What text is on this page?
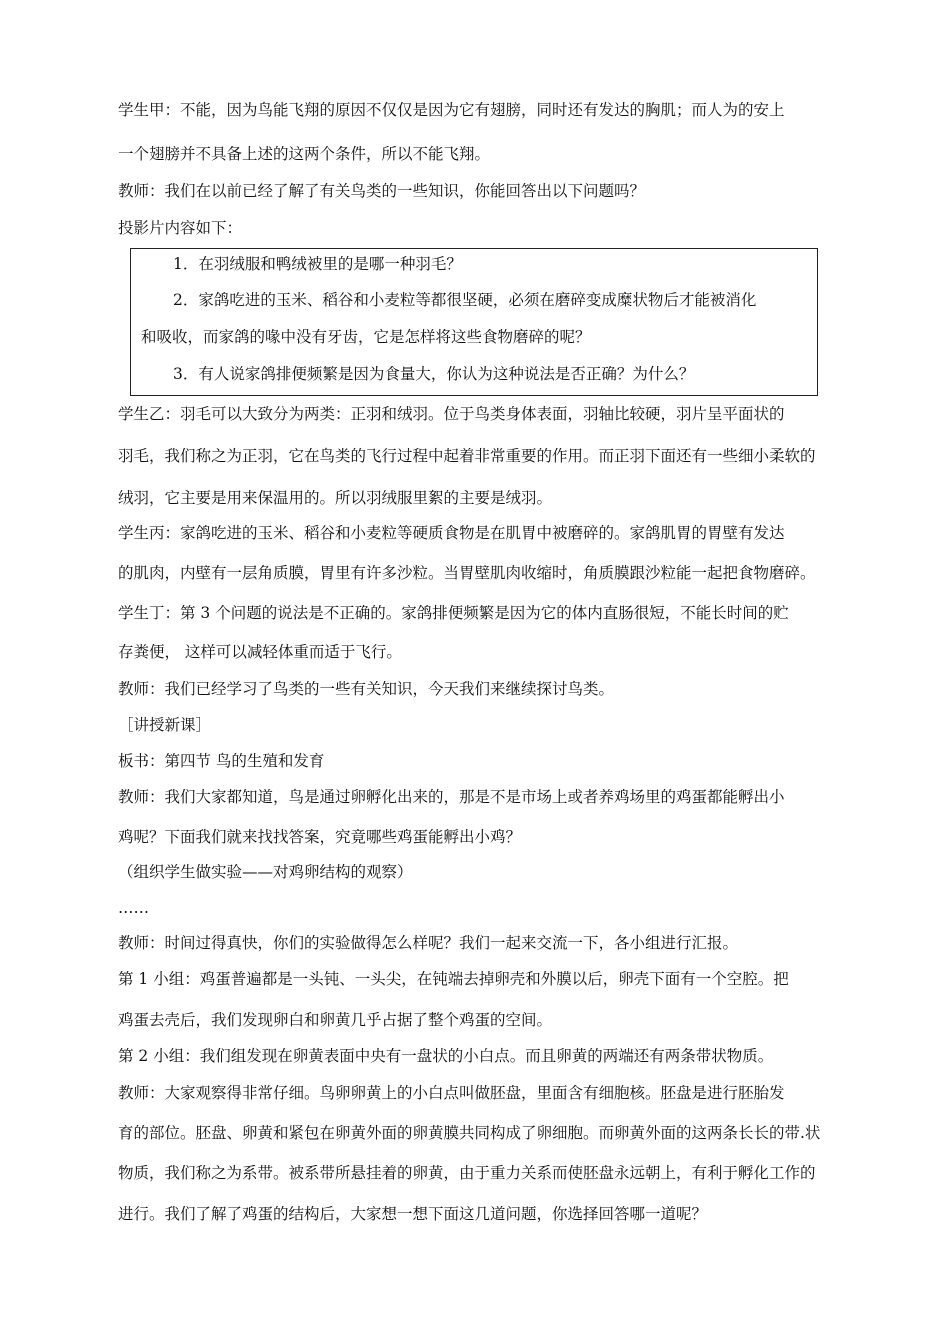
学生甲：不能，因为鸟能飞翔的原因不仅仅是因为它有翅膀，同时还有发达的胸肌；而人为的安上
一个翅膀并不具备上述的这两个条件，所以不能飞翔。
教师：我们在以前已经了解了有关鸟类的一些知识，你能回答出以下问题吗？
投影片内容如下：
1．在羽绒服和鸭绒被里的是哪一种羽毛？
2．家鸽吃进的玉米、稻谷和小麦粒等都很坚硬，必须在磨碎变成糜状物后才能被消化
和吸收，而家鸽的喙中没有牙齿，它是怎样将这些食物磨碎的呢？
3．有人说家鸽排便频繁是因为食量大，你认为这种说法是否正确？为什么？
学生乙：羽毛可以大致分为两类：正羽和绒羽。位于鸟类身体表面，羽轴比较硬，羽片呈平面状的
羽毛，我们称之为正羽，它在鸟类的飞行过程中起着非常重要的作用。而正羽下面还有一些细小柔软的
绒羽，它主要是用来保温用的。所以羽绒服里絮的主要是绒羽。
学生丙：家鸽吃进的玉米、稻谷和小麦粒等硬质食物是在肌胃中被磨碎的。家鸽肌胃的胃壁有发达
的肌肉，内壁有一层角质膜，胃里有许多沙粒。当胃壁肌肉收缩时，角质膜跟沙粒能一起把食物磨碎。
学生丁：第 3 个问题的说法是不正确的。家鸽排便频繁是因为它的体内直肠很短，不能长时间的贮
存粪便， 这样可以减轻体重而适于飞行。
教师：我们已经学习了鸟类的一些有关知识，今天我们来继续探讨鸟类。
［讲授新课］
板书：第四节 鸟的生殖和发育
教师：我们大家都知道，鸟是通过卵孵化出来的，那是不是市场上或者养鸡场里的鸡蛋都能孵出小
鸡呢？下面我们就来找找答案，究竟哪些鸡蛋能孵出小鸡？
（组织学生做实验——对鸡卵结构的观察）
……
教师：时间过得真快，你们的实验做得怎么样呢？我们一起来交流一下，各小组进行汇报。
第 1 小组：鸡蛋普遍都是一头钝、一头尖，在钝端去掉卵壳和外膜以后，卵壳下面有一个空腔。把
鸡蛋去壳后，我们发现卵白和卵黄几乎占据了整个鸡蛋的空间。
第 2 小组：我们组发现在卵黄表面中央有一盘状的小白点。而且卵黄的两端还有两条带状物质。
教师：大家观察得非常仔细。鸟卵卵黄上的小白点叫做胚盘，里面含有细胞核。胚盘是进行胚胎发
育的部位。胚盘、卵黄和紧包在卵黄外面的卵黄膜共同构成了卵细胞。而卵黄外面的这两条长长的带.状
物质，我们称之为系带。被系带所悬挂着的卵黄，由于重力关系而使胚盘永远朝上，有利于孵化工作的
进行。我们了解了鸡蛋的结构后，大家想一想下面这几道问题，你选择回答哪一道呢？
